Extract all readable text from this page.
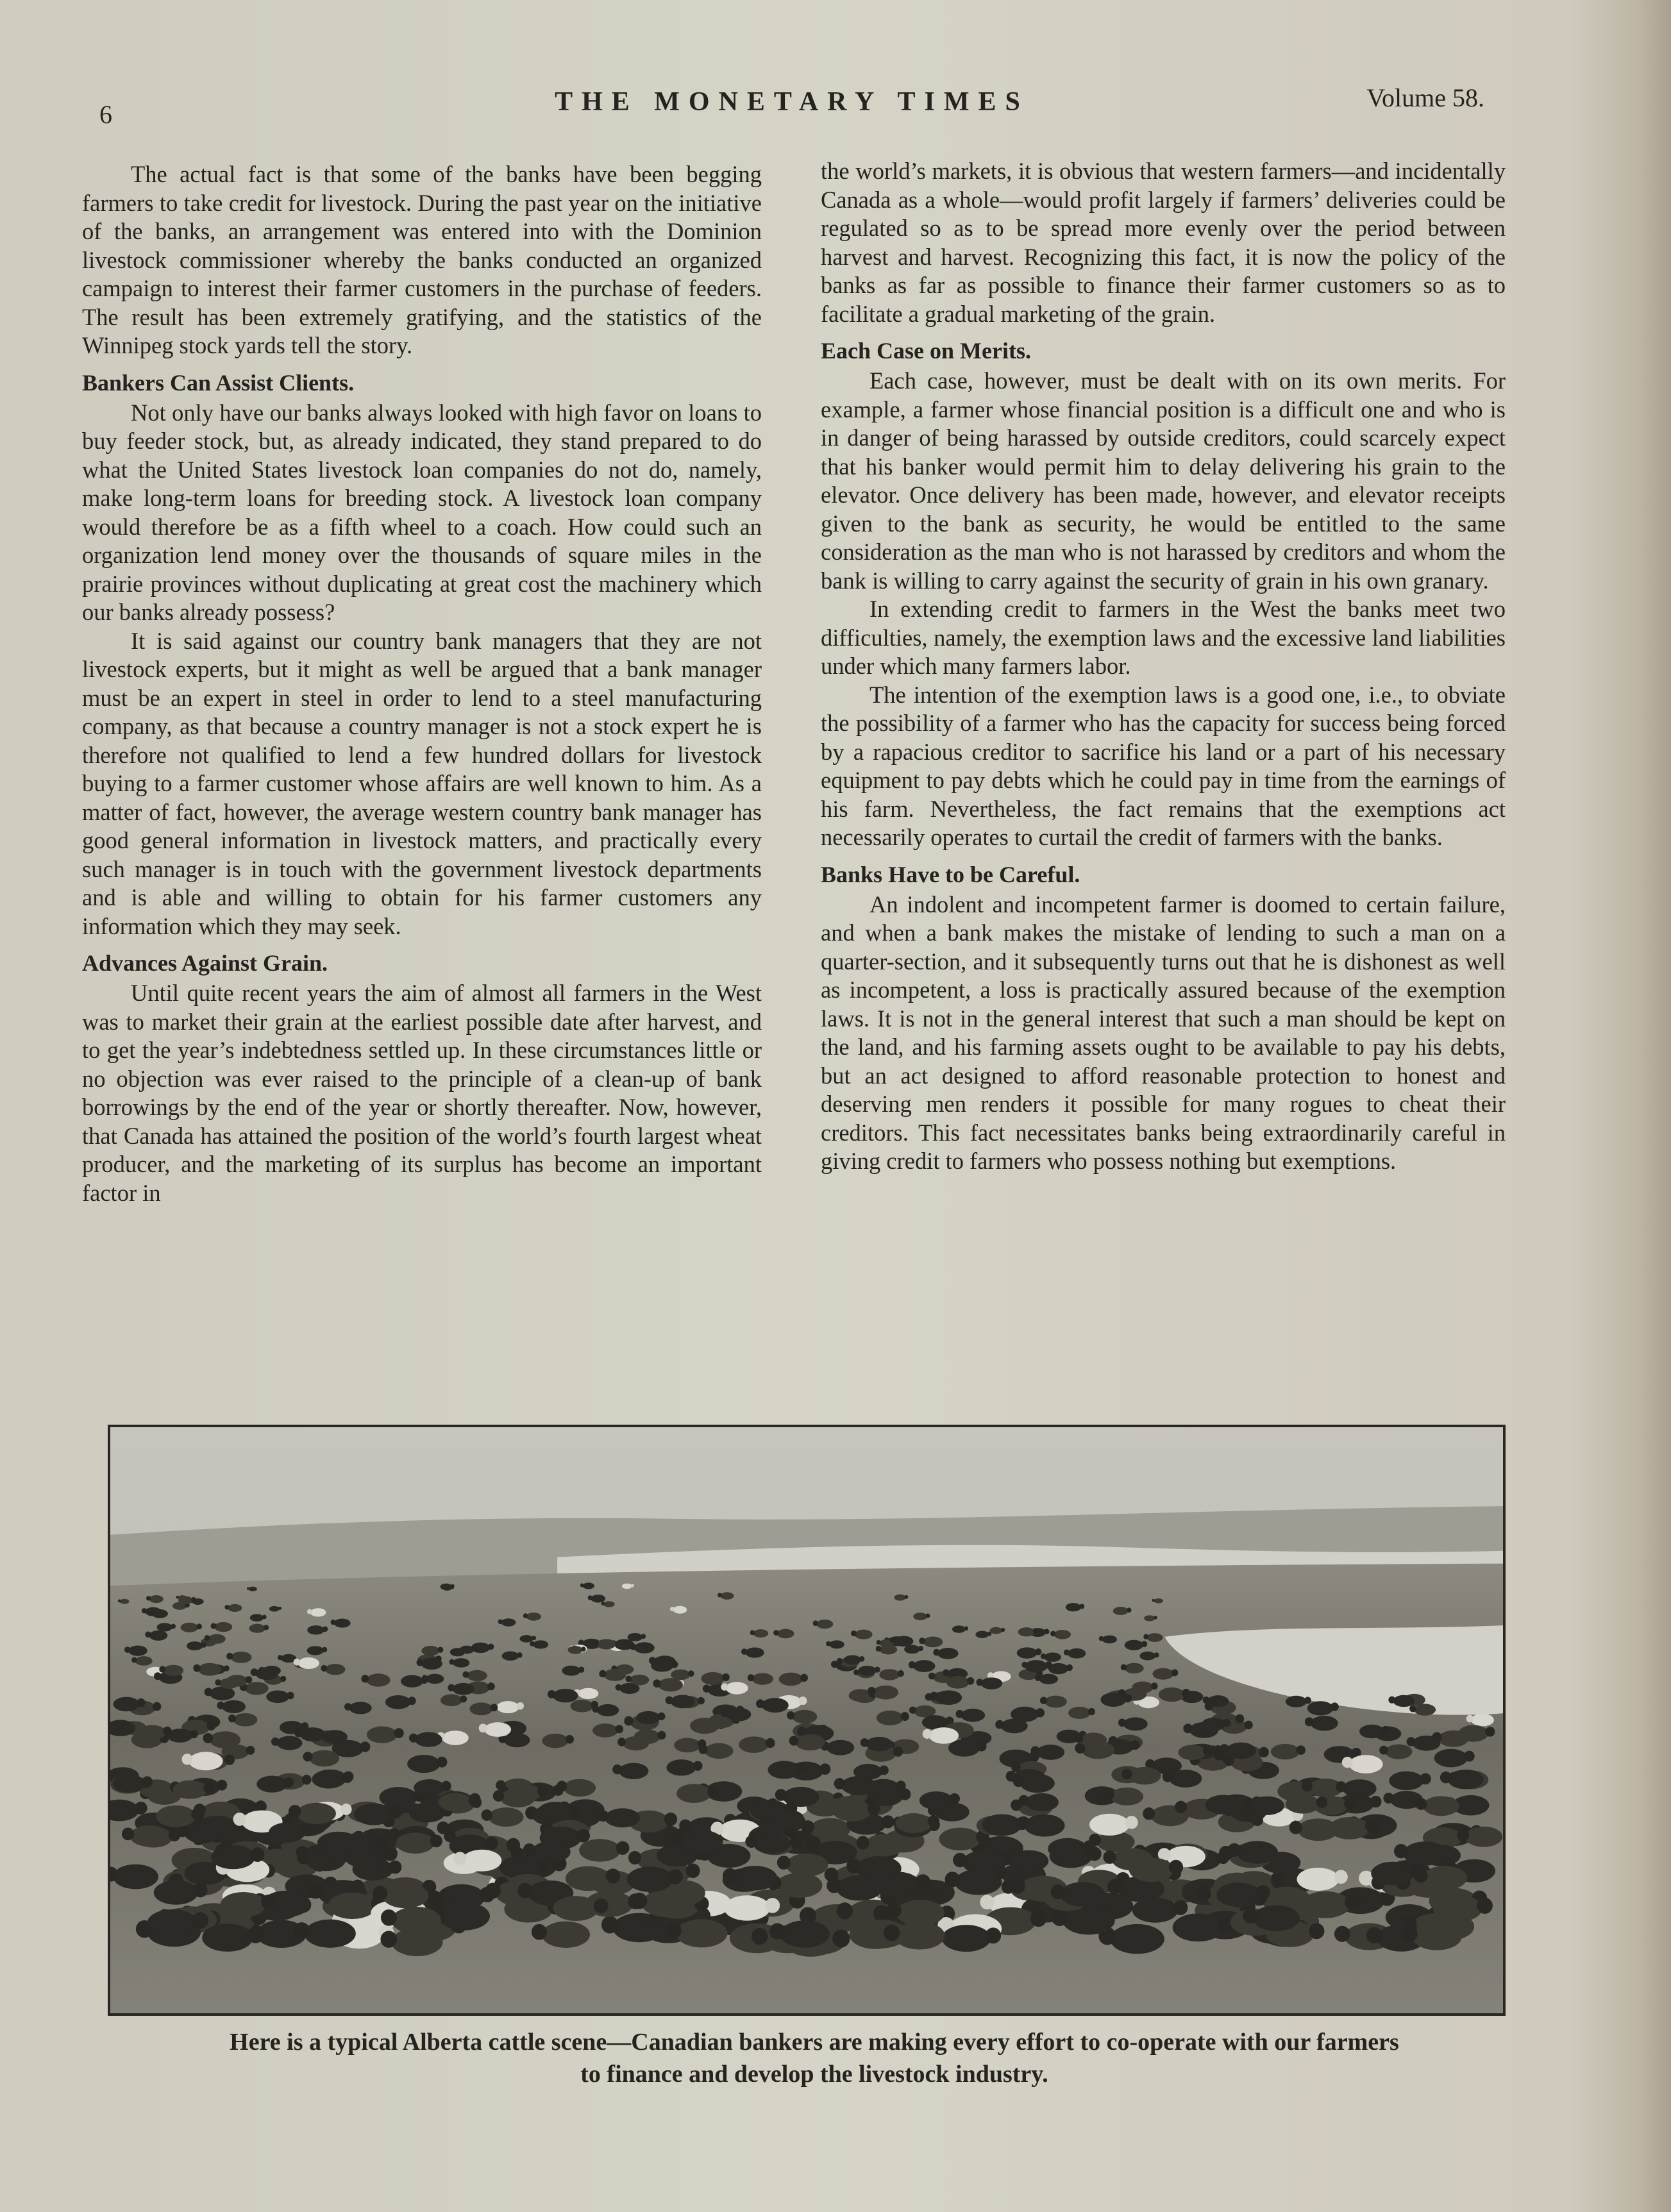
6	THE MONETARY TIMES	Volume 58.

The actual fact is that some of the banks have been begging farmers to take credit for livestock. During the past year on the initiative of the banks, an arrangement was entered into with the Dominion livestock commissioner whereby the banks conducted an organized campaign to interest their farmer customers in the purchase of feeders. The result has been extremely gratifying, and the statistics of the Winnipeg stock yards tell the story.

Bankers Can Assist Clients.

Not only have our banks always looked with high favor on loans to buy feeder stock, but, as already indicated, they stand prepared to do what the United States livestock loan companies do not do, namely, make long-term loans for breeding stock. A livestock loan company would therefore be as a fifth wheel to a coach. How could such an organization lend money over the thousands of square miles in the prairie provinces without duplicating at great cost the machinery which our banks already possess?

It is said against our country bank managers that they are not livestock experts, but it might as well be argued that a bank manager must be an expert in steel in order to lend to a steel manufacturing company, as that because a country manager is not a stock expert he is therefore not qualified to lend a few hundred dollars for livestock buying to a farmer customer whose affairs are well known to him. As a matter of fact, however, the average western country bank manager has good general information in livestock matters, and practically every such manager is in touch with the government livestock departments and is able and willing to obtain for his farmer customers any information which they may seek.

Advances Against Grain.

Until quite recent years the aim of almost all farmers in the West was to market their grain at the earliest possible date after harvest, and to get the year’s indebtedness settled up. In these circumstances little or no objection was ever raised to the principle of a clean-up of bank borrowings by the end of the year or shortly thereafter. Now, however, that Canada has attained the position of the world’s fourth largest wheat producer, and the marketing of its surplus has become an important factor in

the world’s markets, it is obvious that western farmers—and incidentally Canada as a whole—would profit largely if farmers’ deliveries could be regulated so as to be spread more evenly over the period between harvest and harvest. Recognizing this fact, it is now the policy of the banks as far as possible to finance their farmer customers so as to facilitate a gradual marketing of the grain.

Each Case on Merits.

Each case, however, must be dealt with on its own merits. For example, a farmer whose financial position is a difficult one and who is in danger of being harassed by outside creditors, could scarcely expect that his banker would permit him to delay delivering his grain to the elevator. Once delivery has been made, however, and elevator receipts given to the bank as security, he would be entitled to the same consideration as the man who is not harassed by creditors and whom the bank is willing to carry against the security of grain in his own granary.

In extending credit to farmers in the West the banks meet two difficulties, namely, the exemption laws and the excessive land liabilities under which many farmers labor.

The intention of the exemption laws is a good one, i.e., to obviate the possibility of a farmer who has the capacity for success being forced by a rapacious creditor to sacrifice his land or a part of his necessary equipment to pay debts which he could pay in time from the earnings of his farm. Nevertheless, the fact remains that the exemptions act necessarily operates to curtail the credit of farmers with the banks.

Banks Have to be Careful.

An indolent and incompetent farmer is doomed to certain failure, and when a bank makes the mistake of lending to such a man on a quarter-section, and it subsequently turns out that he is dishonest as well as incompetent, a loss is practically assured because of the exemption laws. It is not in the general interest that such a man should be kept on the land, and his farming assets ought to be available to pay his debts, but an act designed to afford reasonable protection to honest and deserving men renders it possible for many rogues to cheat their creditors. This fact necessitates banks being extraordinarily careful in giving credit to farmers who possess nothing but exemptions.

Here is a typical Alberta cattle scene—Canadian bankers are making every effort to co-operate with our farmers
to finance and develop the livestock industry.
